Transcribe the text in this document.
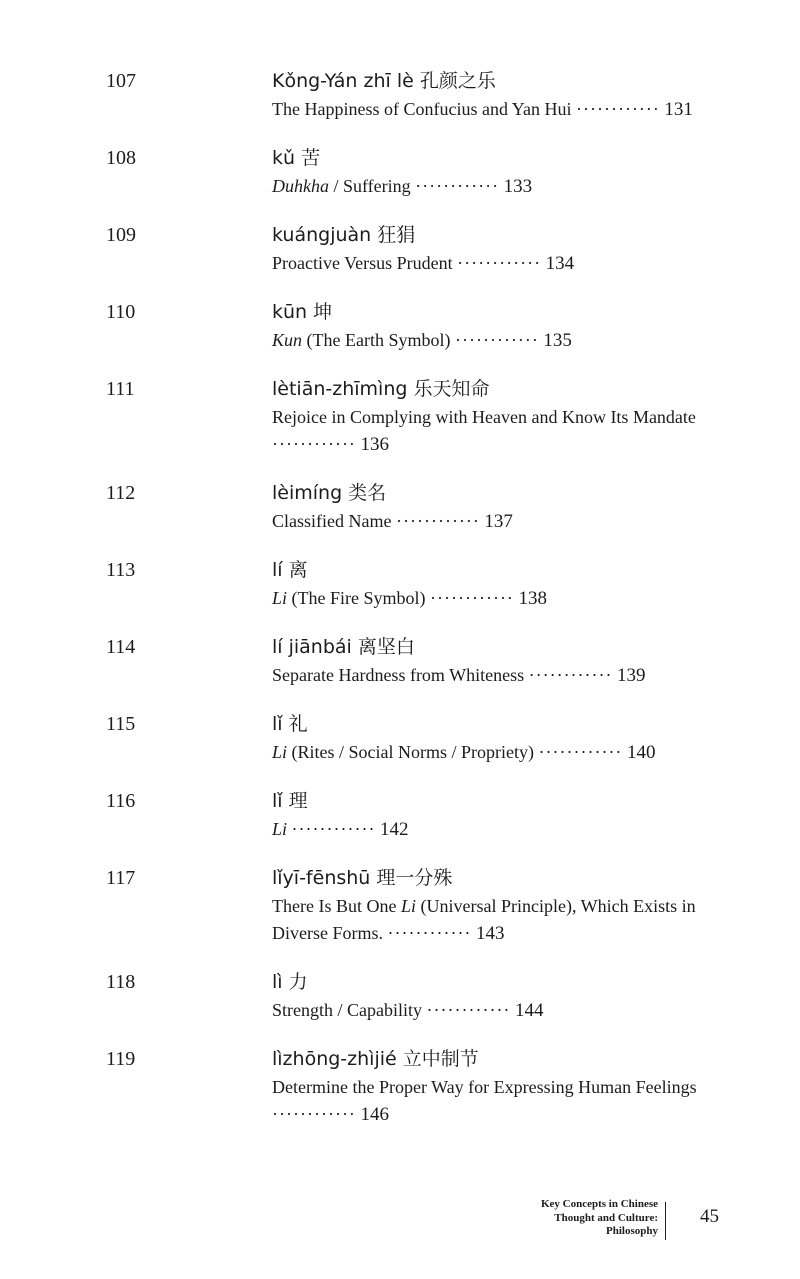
107	Kǒng-Yán zhī lè 孔颜之乐
The Happiness of Confucius and Yan Hui ············ 131
108	kǔ 苦
Duhkha / Suffering ············ 133
109	kuángjuàn 狂狷
Proactive Versus Prudent ············ 134
110	kūn 坤
Kun (The Earth Symbol) ············ 135
111	lètiān-zhīmìng 乐天知命
Rejoice in Complying with Heaven and Know Its Mandate
············ 136
112	lèimíng 类名
Classified Name ············ 137
113	lí 离
Li (The Fire Symbol) ············ 138
114	lí jiānbái 离坚白
Separate Hardness from Whiteness ············ 139
115	lǐ 礼
Li (Rites / Social Norms / Propriety) ············ 140
116	lǐ 理
Li ············ 142
117	lǐyī-fēnshū 理一分殊
There Is But One Li (Universal Principle), Which Exists in Diverse Forms. ············ 143
118	lì 力
Strength / Capability ············ 144
119	lìzhōng-zhìjié 立中制节
Determine the Proper Way for Expressing Human Feelings
············ 146
Key Concepts in Chinese
Thought and Culture:
Philosophy
45
